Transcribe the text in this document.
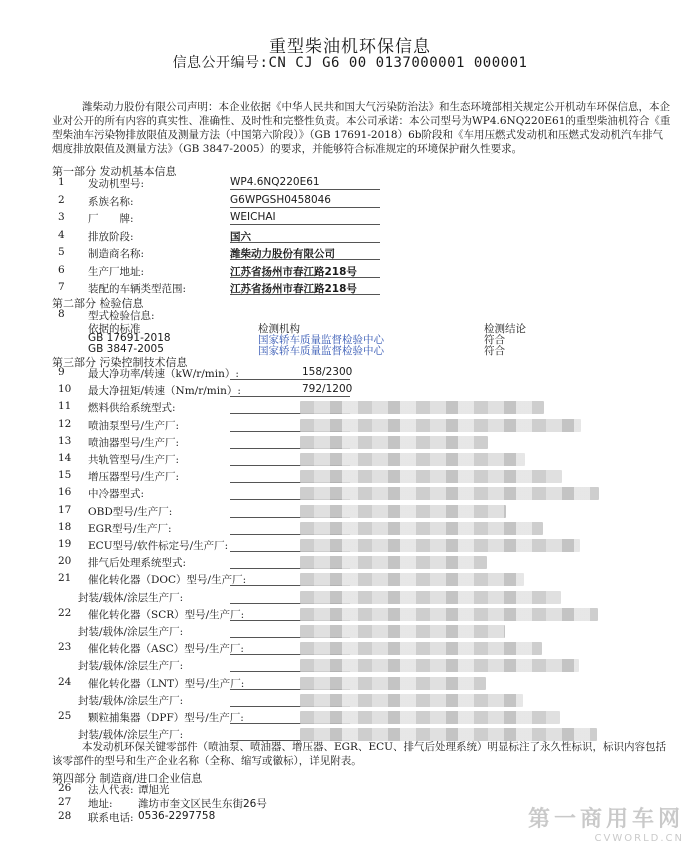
重型柴油机环保信息
信息公开编号:CN CJ G6 00 0137000001 000001
潍柴动力股份有限公司声明：本企业依据《中华人民共和国大气污染防治法》和生态环境部相关规定公开机动车环保信息，本企业对公开的所有内容的真实性、准确性、及时性和完整性负责。本公司承诺：本公司型号为WP4.6NQ220E61的重型柴油机符合《重型柴油车污染物排放限值及测量方法（中国第六阶段）》（GB 17691-2018）6b阶段和《车用压燃式发动机和压燃式发动机汽车排气烟度排放限值及测量方法》（GB 3847-2005）的要求，并能够符合标准规定的环境保护耐久性要求。
第一部分 发动机基本信息
1	发动机型号:	WP4.6NQ220E61
2	系族名称:	G6WPGSH0458046
3	厂　　牌:	WEICHAI
4	排放阶段:	国六
5	制造商名称:	潍柴动力股份有限公司
6	生产厂地址:	江苏省扬州市春江路218号
7	装配的车辆类型范围:	江苏省扬州市春江路218号
第二部分 检验信息
8	型式检验信息:
依据的标准	检测机构	检测结论
GB 17691-2018	国家轿车质量监督检验中心	符合
GB 3847-2005	国家轿车质量监督检验中心	符合
第三部分 污染控制技术信息
9	最大净功率/转速（kW/r/min）:	158/2300
10	最大净扭矩/转速（Nm/r/min）:	792/1200
11	燃料供给系统型式:
12	喷油泵型号/生产厂:
13	喷油器型号/生产厂:
14	共轨管型号/生产厂:
15	增压器型号/生产厂:
16	中冷器型式:
17	OBD型号/生产厂:
18	EGR型号/生产厂:
19	ECU型号/软件标定号/生产厂:
20	排气后处理系统型式:
21	催化转化器（DOC）型号/生产厂:
封装/载体/涂层生产厂:
22	催化转化器（SCR）型号/生产厂:
封装/载体/涂层生产厂:
23	催化转化器（ASC）型号/生产厂:
封装/载体/涂层生产厂:
24	催化转化器（LNT）型号/生产厂:
封装/载体/涂层生产厂:
25	颗粒捕集器（DPF）型号/生产厂:
封装/载体/涂层生产厂:
本发动机环保关键零部件（喷油泵、喷油器、增压器、EGR、ECU、排气后处理系统）明显标注了永久性标识，标识内容包括该零部件的型号和生产企业名称（全称、缩写或徽标），详见附表。
第四部分 制造商/进口企业信息
26	法人代表: 谭旭光
27	地址: 潍坊市奎文区民生东街26号
28	联系电话: 0536-2297758	第一商用车网
CVWORLD.CN
